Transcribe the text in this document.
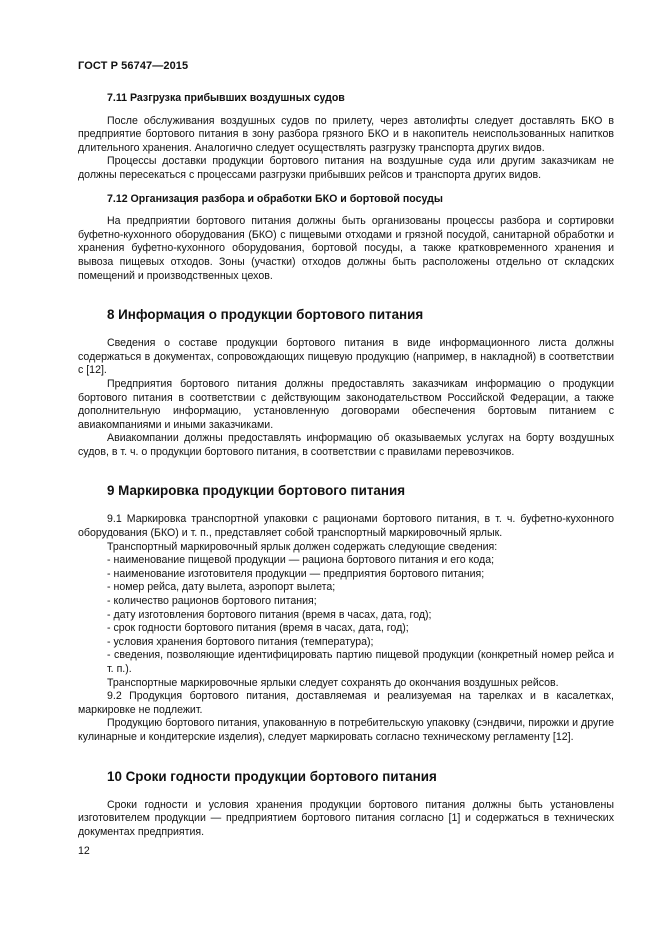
ГОСТ Р 56747—2015

7.11 Разгрузка прибывших воздушных судов

После обслуживания воздушных судов по прилету, через автолифты следует доставлять БКО в предприятие бортового питания в зону разбора грязного БКО и в накопитель неиспользованных напитков длительного хранения. Аналогично следует осуществлять разгрузку транспорта других видов.

Процессы доставки продукции бортового питания на воздушные суда или другим заказчикам не должны пересекаться с процессами разгрузки прибывших рейсов и транспорта других видов.

7.12 Организация разбора и обработки БКО и бортовой посуды

На предприятии бортового питания должны быть организованы процессы разбора и сортировки буфетно-кухонного оборудования (БКО) с пищевыми отходами и грязной посудой, санитарной обработки и хранения буфетно-кухонного оборудования, бортовой посуды, а также кратковременного хранения и вывоза пищевых отходов. Зоны (участки) отходов должны быть расположены отдельно от складских помещений и производственных цехов.

8 Информация о продукции бортового питания

Сведения о составе продукции бортового питания в виде информационного листа должны содержаться в документах, сопровождающих пищевую продукцию (например, в накладной) в соответствии с [12].

Предприятия бортового питания должны предоставлять заказчикам информацию о продукции бортового питания в соответствии с действующим законодательством Российской Федерации, а также дополнительную информацию, установленную договорами обеспечения бортовым питанием с авиакомпаниями и иными заказчиками.

Авиакомпании должны предоставлять информацию об оказываемых услугах на борту воздушных судов, в т. ч. о продукции бортового питания, в соответствии с правилами перевозчиков.

9 Маркировка продукции бортового питания

9.1 Маркировка транспортной упаковки с рационами бортового питания, в т. ч. буфетно-кухонного оборудования (БКО) и т. п., представляет собой транспортный маркировочный ярлык.

Транспортный маркировочный ярлык должен содержать следующие сведения:

- наименование пищевой продукции — рациона бортового питания и его кода;
- наименование изготовителя продукции — предприятия бортового питания;
- номер рейса, дату вылета, аэропорт вылета;
- количество рационов бортового питания;
- дату изготовления бортового питания (время в часах, дата, год);
- срок годности бортового питания (время в часах, дата, год);
- условия хранения бортового питания (температура);
- сведения, позволяющие идентифицировать партию пищевой продукции (конкретный номер рейса и т. п.).

Транспортные маркировочные ярлыки следует сохранять до окончания воздушных рейсов.

9.2 Продукция бортового питания, доставляемая и реализуемая на тарелках и в касалетках, маркировке не подлежит.

Продукцию бортового питания, упакованную в потребительскую упаковку (сэндвичи, пирожки и другие кулинарные и кондитерские изделия), следует маркировать согласно техническому регламенту [12].

10 Сроки годности продукции бортового питания

Сроки годности и условия хранения продукции бортового питания должны быть установлены изготовителем продукции — предприятием бортового питания согласно [1] и содержаться в технических документах предприятия.

12
